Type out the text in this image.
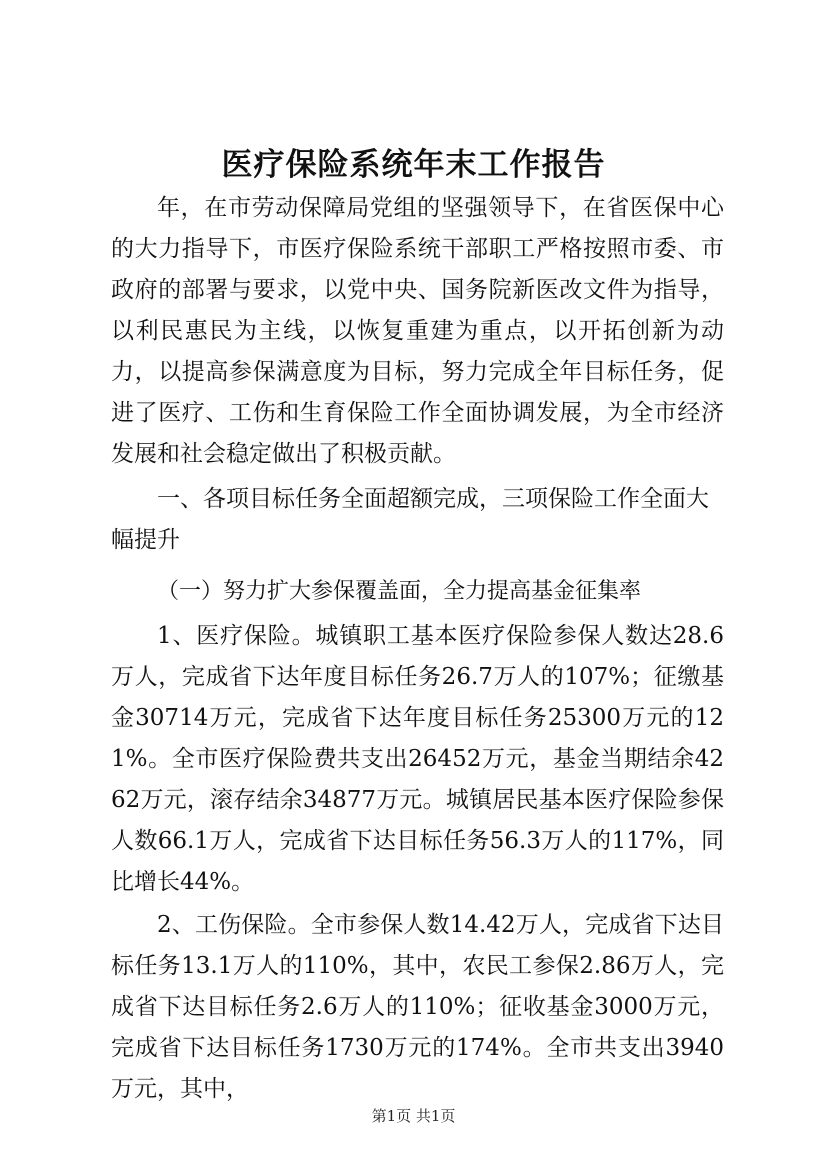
医疗保险系统年末工作报告

年，在市劳动保障局党组的坚强领导下，在省医保中心的大力指导下，市医疗保险系统干部职工严格按照市委、市政府的部署与要求，以党中央、国务院新医改文件为指导，以利民惠民为主线，以恢复重建为重点，以开拓创新为动力，以提高参保满意度为目标，努力完成全年目标任务，促进了医疗、工伤和生育保险工作全面协调发展，为全市经济发展和社会稳定做出了积极贡献。

一、各项目标任务全面超额完成，三项保险工作全面大幅提升

（一）努力扩大参保覆盖面，全力提高基金征集率

1、医疗保险。城镇职工基本医疗保险参保人数达28.6万人，完成省下达年度目标任务26.7万人的107%；征缴基金30714万元，完成省下达年度目标任务25300万元的121%。全市医疗保险费共支出26452万元，基金当期结余4262万元，滚存结余34877万元。城镇居民基本医疗保险参保人数66.1万人，完成省下达目标任务56.3万人的117%，同比增长44%。

2、工伤保险。全市参保人数14.42万人，完成省下达目标任务13.1万人的110%，其中，农民工参保2.86万人，完成省下达目标任务2.6万人的110%；征收基金3000万元，完成省下达目标任务1730万元的174%。全市共支出3940万元，其中，

第1页 共1页
